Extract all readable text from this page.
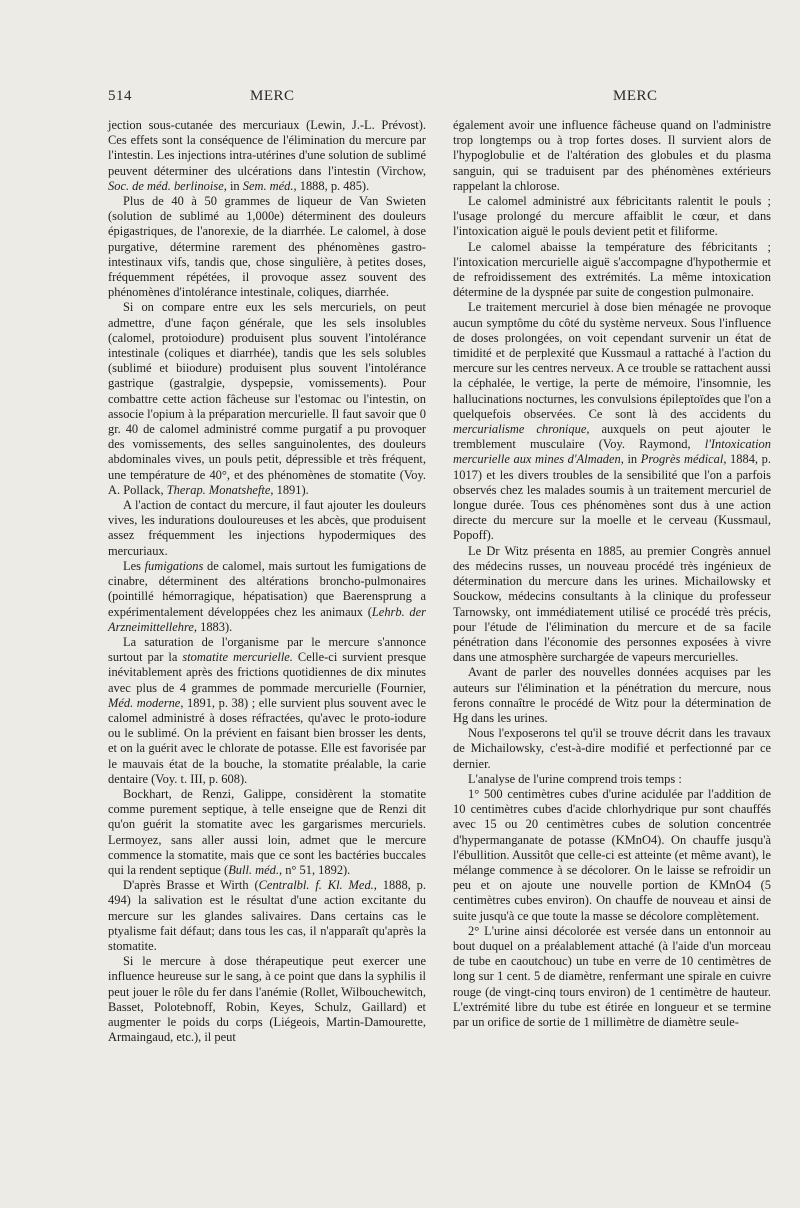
514	MERC	MERC

jection sous-cutanée des mercuriaux (Lewin, J.-L. Prévost). Ces effets sont la conséquence de l'élimination du mercure par l'intestin. Les injections intra-utérines d'une solution de sublimé peuvent déterminer des ulcérations dans l'intestin (Virchow, Soc. de méd. berlinoise, in Sem. méd., 1888, p. 485).

Plus de 40 à 50 grammes de liqueur de Van Swieten (solution de sublimé au 1,000e) déterminent des douleurs épigastriques, de l'anorexie, de la diarrhée. Le calomel, à dose purgative, détermine rarement des phénomènes gastro-intestinaux vifs, tandis que, chose singulière, à petites doses, fréquemment répétées, il provoque assez souvent des phénomènes d'intolérance intestinale, coliques, diarrhée.

Si on compare entre eux les sels mercuriels, on peut admettre, d'une façon générale, que les sels insolubles (calomel, protoiodure) produisent plus souvent l'intolérance intestinale (coliques et diarrhée), tandis que les sels solubles (sublimé et biiodure) produisent plus souvent l'intolérance gastrique (gastralgie, dyspepsie, vomissements). Pour combattre cette action fâcheuse sur l'estomac ou l'intestin, on associe l'opium à la préparation mercurielle. Il faut savoir que 0 gr. 40 de calomel administré comme purgatif a pu provoquer des vomissements, des selles sanguinolentes, des douleurs abdominales vives, un pouls petit, dépressible et très fréquent, une température de 40°, et des phénomènes de stomatite (Voy. A. Pollack, Therap. Monatshefte, 1891).

A l'action de contact du mercure, il faut ajouter les douleurs vives, les indurations douloureuses et les abcès, que produisent assez fréquemment les injections hypodermiques des mercuriaux.

Les fumigations de calomel, mais surtout les fumigations de cinabre, déterminent des altérations broncho-pulmonaires (pointillé hémorragique, hépatisation) que Baerensprung a expérimentalement développées chez les animaux (Lehrb. der Arzneimittellehre, 1883).

La saturation de l'organisme par le mercure s'annonce surtout par la stomatite mercurielle. Celle-ci survient presque inévitablement après des frictions quotidiennes de dix minutes avec plus de 4 grammes de pommade mercurielle (Fournier, Méd. moderne, 1891, p. 38) ; elle survient plus souvent avec le calomel administré à doses réfractées, qu'avec le proto-iodure ou le sublimé. On la prévient en faisant bien brosser les dents, et on la guérit avec le chlorate de potasse. Elle est favorisée par le mauvais état de la bouche, la stomatite préalable, la carie dentaire (Voy. t. III, p. 608).

Bockhart, de Renzi, Galippe, considèrent la stomatite comme purement septique, à telle enseigne que de Renzi dit qu'on guérit la stomatite avec les gargarismes mercuriels. Lermoyez, sans aller aussi loin, admet que le mercure commence la stomatite, mais que ce sont les bactéries buccales qui la rendent septique (Bull. méd., n° 51, 1892).

D'après Brasse et Wirth (Centralbl. f. Kl. Med., 1888, p. 494) la salivation est le résultat d'une action excitante du mercure sur les glandes salivaires. Dans certains cas le ptyalisme fait défaut; dans tous les cas, il n'apparaît qu'après la stomatite.

Si le mercure à dose thérapeutique peut exercer une influence heureuse sur le sang, à ce point que dans la syphilis il peut jouer le rôle du fer dans l'anémie (Rollet, Wilbouchewitch, Basset, Polotebnoff, Robin, Keyes, Schulz, Gaillard) et augmenter le poids du corps (Liégeois, Martin-Damourette, Armaingaud, etc.), il peut

également avoir une influence fâcheuse quand on l'administre trop longtemps ou à trop fortes doses. Il survient alors de l'hypoglobulie et de l'altération des globules et du plasma sanguin, qui se traduisent par des phénomènes extérieurs rappelant la chlorose.

Le calomel administré aux fébricitants ralentit le pouls ; l'usage prolongé du mercure affaiblit le cœur, et dans l'intoxication aiguë le pouls devient petit et filiforme.

Le calomel abaisse la température des fébricitants ; l'intoxication mercurielle aiguë s'accompagne d'hypothermie et de refroidissement des extrémités. La même intoxication détermine de la dyspnée par suite de congestion pulmonaire.

Le traitement mercuriel à dose bien ménagée ne provoque aucun symptôme du côté du système nerveux. Sous l'influence de doses prolongées, on voit cependant survenir un état de timidité et de perplexité que Kussmaul a rattaché à l'action du mercure sur les centres nerveux. A ce trouble se rattachent aussi la céphalée, le vertige, la perte de mémoire, l'insomnie, les hallucinations nocturnes, les convulsions épileptoïdes que l'on a quelquefois observées. Ce sont là des accidents du mercurialisme chronique, auxquels on peut ajouter le tremblement musculaire (Voy. Raymond, l'Intoxication mercurielle aux mines d'Almaden, in Progrès médical, 1884, p. 1017) et les divers troubles de la sensibilité que l'on a parfois observés chez les malades soumis à un traitement mercuriel de longue durée. Tous ces phénomènes sont dus à une action directe du mercure sur la moelle et le cerveau (Kussmaul, Popoff).

Le Dr Witz présenta en 1885, au premier Congrès annuel des médecins russes, un nouveau procédé très ingénieux de détermination du mercure dans les urines. Michailowsky et Souckow, médecins consultants à la clinique du professeur Tarnowsky, ont immédiatement utilisé ce procédé très précis, pour l'étude de l'élimination du mercure et de sa facile pénétration dans l'économie des personnes exposées à vivre dans une atmosphère surchargée de vapeurs mercurielles.

Avant de parler des nouvelles données acquises par les auteurs sur l'élimination et la pénétration du mercure, nous ferons connaître le procédé de Witz pour la détermination de Hg dans les urines.

Nous l'exposerons tel qu'il se trouve décrit dans les travaux de Michailowsky, c'est-à-dire modifié et perfectionné par ce dernier.

L'analyse de l'urine comprend trois temps :

1° 500 centimètres cubes d'urine acidulée par l'addition de 10 centimètres cubes d'acide chlorhydrique pur sont chauffés avec 15 ou 20 centimètres cubes de solution concentrée d'hypermanganate de potasse (KMnO4). On chauffe jusqu'à l'ébullition. Aussitôt que celle-ci est atteinte (et même avant), le mélange commence à se décolorer. On le laisse se refroidir un peu et on ajoute une nouvelle portion de KMnO4 (5 centimètres cubes environ). On chauffe de nouveau et ainsi de suite jusqu'à ce que toute la masse se décolore complètement.

2° L'urine ainsi décolorée est versée dans un entonnoir au bout duquel on a préalablement attaché (à l'aide d'un morceau de tube en caoutchouc) un tube en verre de 10 centimètres de long sur 1 cent. 5 de diamètre, renfermant une spirale en cuivre rouge (de vingt-cinq tours environ) de 1 centimètre de hauteur. L'extrémité libre du tube est étirée en longueur et se termine par un orifice de sortie de 1 millimètre de diamètre seule-
